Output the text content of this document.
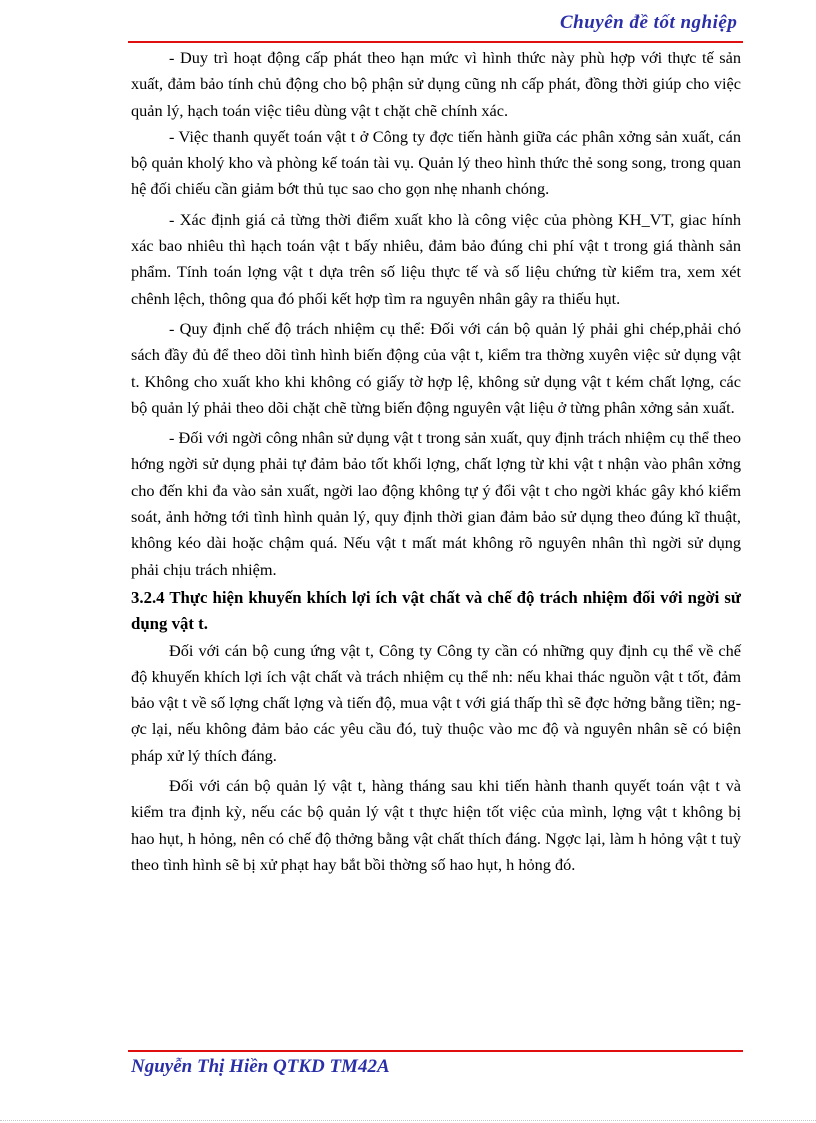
Chuyên đề tốt nghiệp

- Duy trì hoạt động cấp phát theo hạn mức vì hình thức này phù hợp với thực tế sản xuất, đảm bảo tính chủ động cho bộ phận sử dụng cũng nh cấp phát, đồng thời giúp cho việc quản lý, hạch toán việc tiêu dùng vật t chặt chẽ chính xác.

- Việc thanh quyết toán vật t ở Công ty đợc tiến hành giữa các phân xởng sản xuất, cán bộ quản kholý kho và phòng kế toán tài vụ. Quản lý theo hình thức thẻ song song, trong quan hệ đối chiếu cần giảm bớt thủ tục sao cho gọn nhẹ nhanh chóng.

- Xác định giá cả từng thời điểm xuất kho là công việc của phòng KH_VT, giac hính xác bao nhiêu thì hạch toán vật t bấy nhiêu, đảm bảo đúng chi phí vật t trong giá thành sản phẩm. Tính toán lợng vật t dựa trên số liệu thực tế và số liệu chứng từ kiểm tra, xem xét chênh lệch, thông qua đó phối kết hợp tìm ra nguyên nhân gây ra thiếu hụt.

- Quy định chế độ trách nhiệm cụ thể: Đối với cán bộ quản lý phải ghi chép,phải chó sách đầy đủ để theo dõi tình hình biến động của vật t, kiểm tra thờng xuyên việc sử dụng vật t. Không cho xuất kho khi không có giấy tờ hợp lệ, không sử dụng vật t kém chất lợng, các bộ quản lý phải theo dõi chặt chẽ từng biến động nguyên vật liệu ở từng phân xởng sản xuất.

- Đối với ngời công nhân sử dụng vật t trong sản xuất, quy định trách nhiệm cụ thể theo hớng ngời sử dụng phải tự đảm bảo tốt khối lợng, chất lợng từ khi vật t nhận vào phân xởng cho đến khi đa vào sản xuất, ngời lao động không tự ý đổi vật t cho ngời khác gây khó kiểm soát, ảnh hởng tới tình hình quản lý, quy định thời gian đảm bảo sử dụng theo đúng kĩ thuật, không kéo dài hoặc chậm quá. Nếu vật t mất mát không rõ nguyên nhân thì ngời sử dụng phải chịu trách nhiệm.

3.2.4 Thực hiện khuyến khích lợi ích vật chất và chế độ trách nhiệm đối với ngời sử dụng vật t.

Đối với cán bộ cung ứng vật t, Công ty Công ty cần có những quy định cụ thể về chế độ khuyến khích lợi ích vật chất và trách nhiệm cụ thể nh: nếu khai thác nguồn vật t tốt, đảm bảo vật t về số lợng chất lợng và tiến độ, mua vật t với giá thấp thì sẽ đợc hởng bằng tiền; ngợc lại, nếu không đảm bảo các yêu cầu đó, tuỳ thuộc vào mc độ và nguyên nhân sẽ có biện pháp xử lý thích đáng.

Đối với cán bộ quản lý vật t, hàng tháng sau khi tiến hành thanh quyết toán vật t và kiểm tra định kỳ, nếu các bộ quản lý vật t thực hiện tốt việc của mình, lợng vật t không bị hao hụt, h hỏng, nên có chế độ thởng bằng vật chất thích đáng. Ngợc lại, làm h hỏng vật t tuỳ theo tình hình sẽ bị xử phạt hay bắt bồi thờng số hao hụt, h hỏng đó.

Nguyễn Thị Hiền QTKD TM42A
